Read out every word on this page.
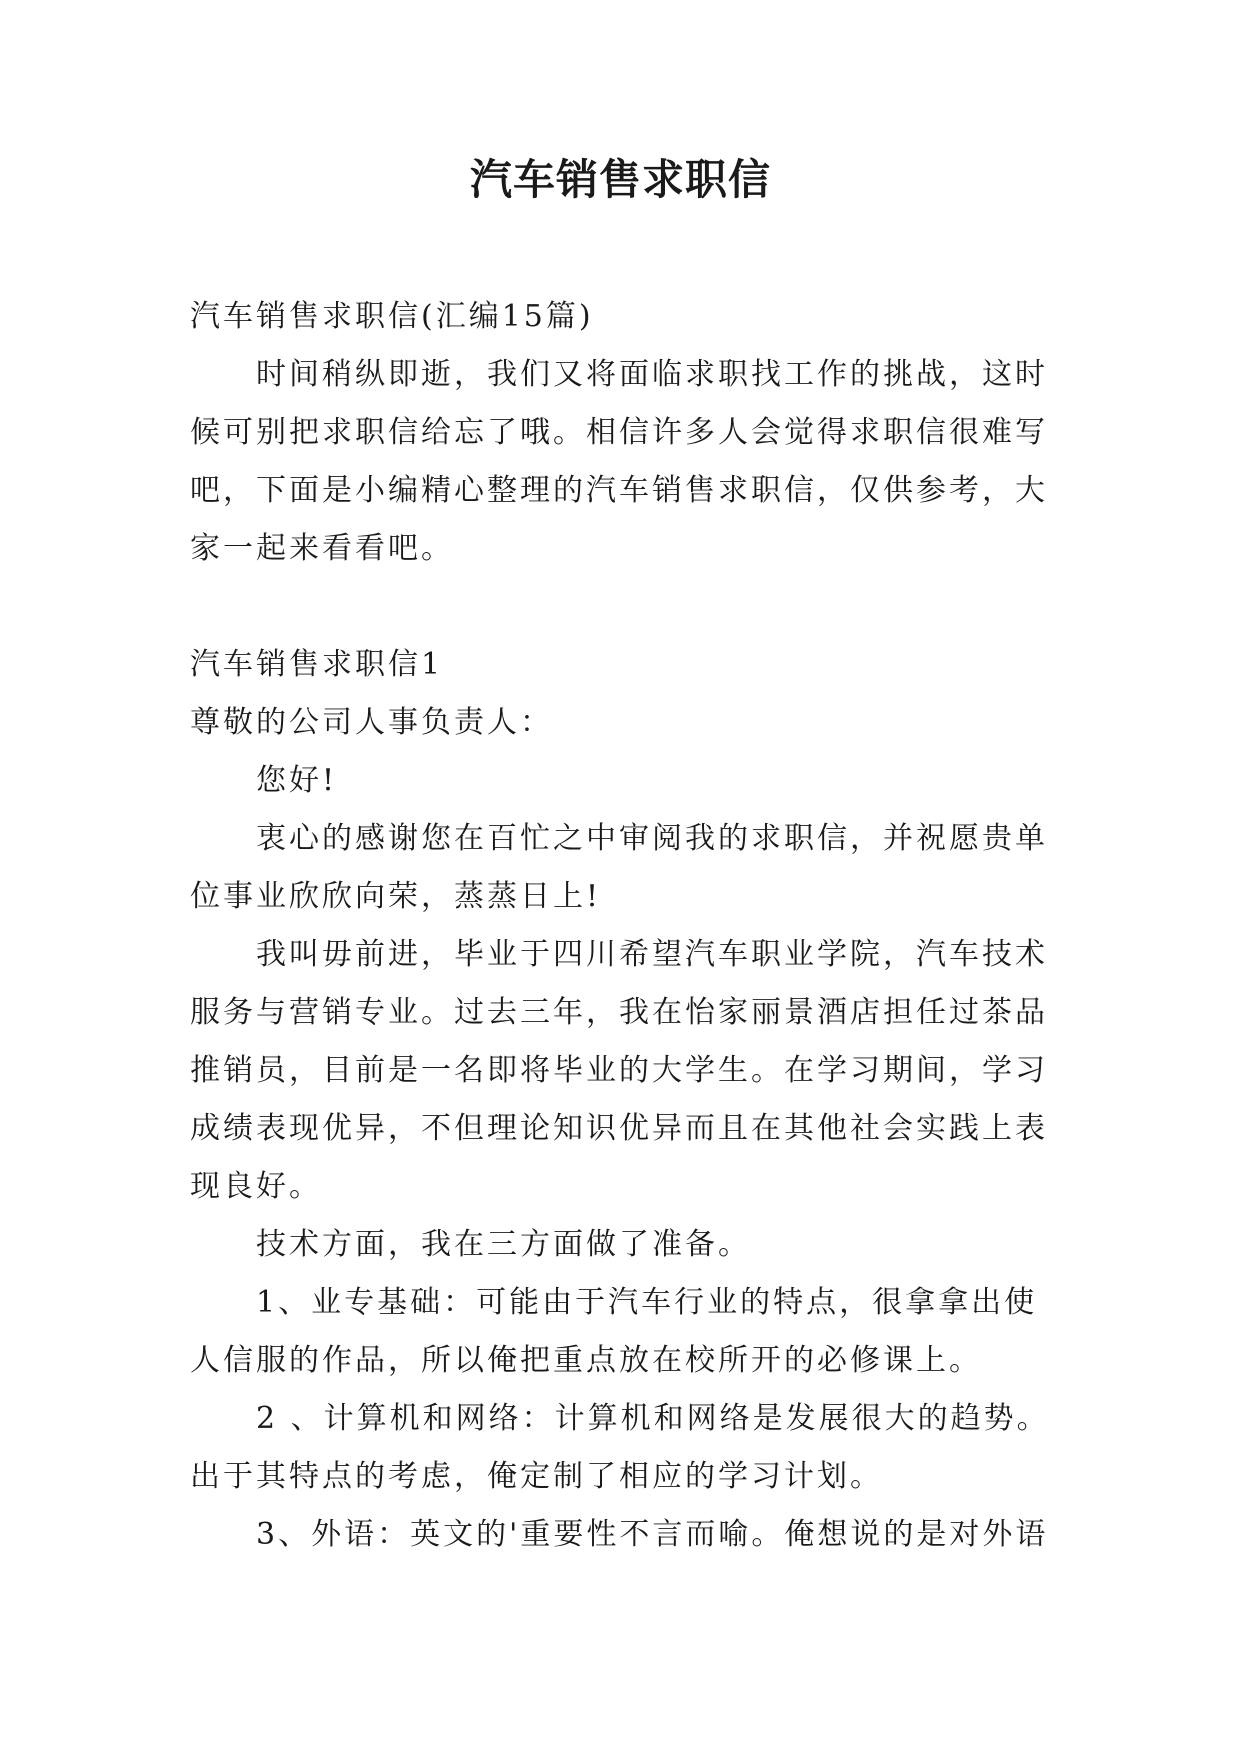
汽车销售求职信

汽车销售求职信(汇编15篇)

时间稍纵即逝，我们又将面临求职找工作的挑战，这时候可别把求职信给忘了哦。相信许多人会觉得求职信很难写吧，下面是小编精心整理的汽车销售求职信，仅供参考，大家一起来看看吧。

汽车销售求职信1

尊敬的公司人事负责人：

您好!

衷心的感谢您在百忙之中审阅我的求职信，并祝愿贵单位事业欣欣向荣，蒸蒸日上!

我叫毋前进，毕业于四川希望汽车职业学院，汽车技术服务与营销专业。过去三年，我在怡家丽景酒店担任过茶品推销员，目前是一名即将毕业的大学生。在学习期间，学习成绩表现优异，不但理论知识优异而且在其他社会实践上表现良好。

技术方面，我在三方面做了准备。

1、业专基础：可能由于汽车行业的特点，很拿拿出使人信服的作品，所以俺把重点放在校所开的必修课上。

2 、计算机和网络：计算机和网络是发展很大的趋势。出于其特点的考虑，俺定制了相应的学习计划。

3、外语：英文的'重要性不言而喻。俺想说的是对外语
